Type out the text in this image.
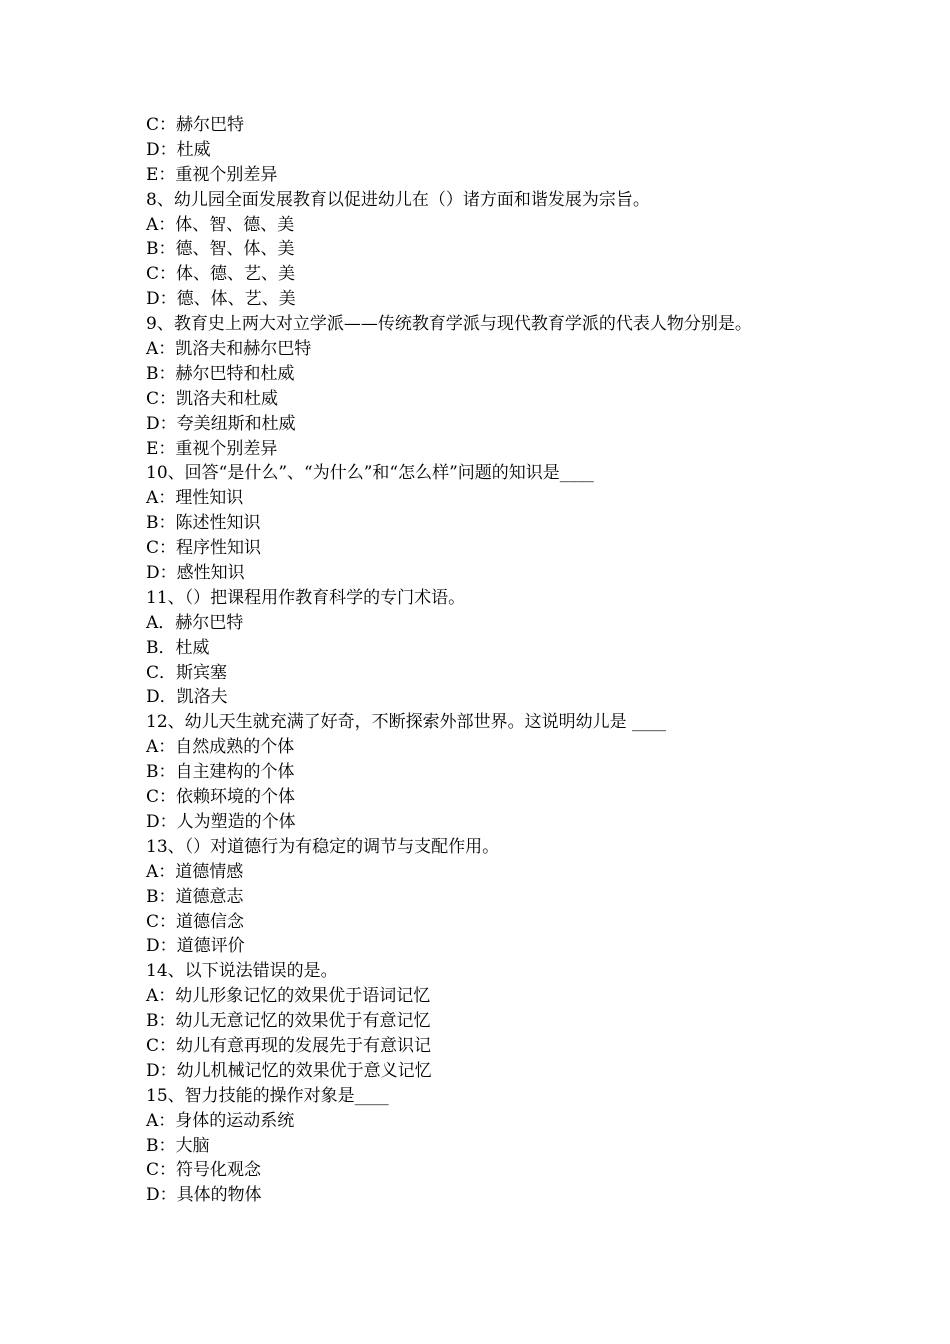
C：赫尔巴特
D：杜威
E：重视个别差异
8、幼儿园全面发展教育以促进幼儿在（）诸方面和谐发展为宗旨。
A：体、智、德、美
B：德、智、体、美
C：体、德、艺、美
D：德、体、艺、美
9、教育史上两大对立学派——传统教育学派与现代教育学派的代表人物分别是。
A：凯洛夫和赫尔巴特
B：赫尔巴特和杜威
C：凯洛夫和杜威
D：夸美纽斯和杜威
E：重视个别差异
10、回答“是什么”、“为什么”和“怎么样”问题的知识是____
A：理性知识
B：陈述性知识
C：程序性知识
D：感性知识
11、（）把课程用作教育科学的专门术语。
A．赫尔巴特
B．杜威
C．斯宾塞
D．凯洛夫
12、幼儿天生就充满了好奇，不断探索外部世界。这说明幼儿是 ____
A：自然成熟的个体
B：自主建构的个体
C：依赖环境的个体
D：人为塑造的个体
13、（）对道德行为有稳定的调节与支配作用。
A：道德情感
B：道德意志
C：道德信念
D：道德评价
14、以下说法错误的是。
A：幼儿形象记忆的效果优于语词记忆
B：幼儿无意记忆的效果优于有意记忆
C：幼儿有意再现的发展先于有意识记
D：幼儿机械记忆的效果优于意义记忆
15、智力技能的操作对象是____
A：身体的运动系统
B：大脑
C：符号化观念
D：具体的物体
